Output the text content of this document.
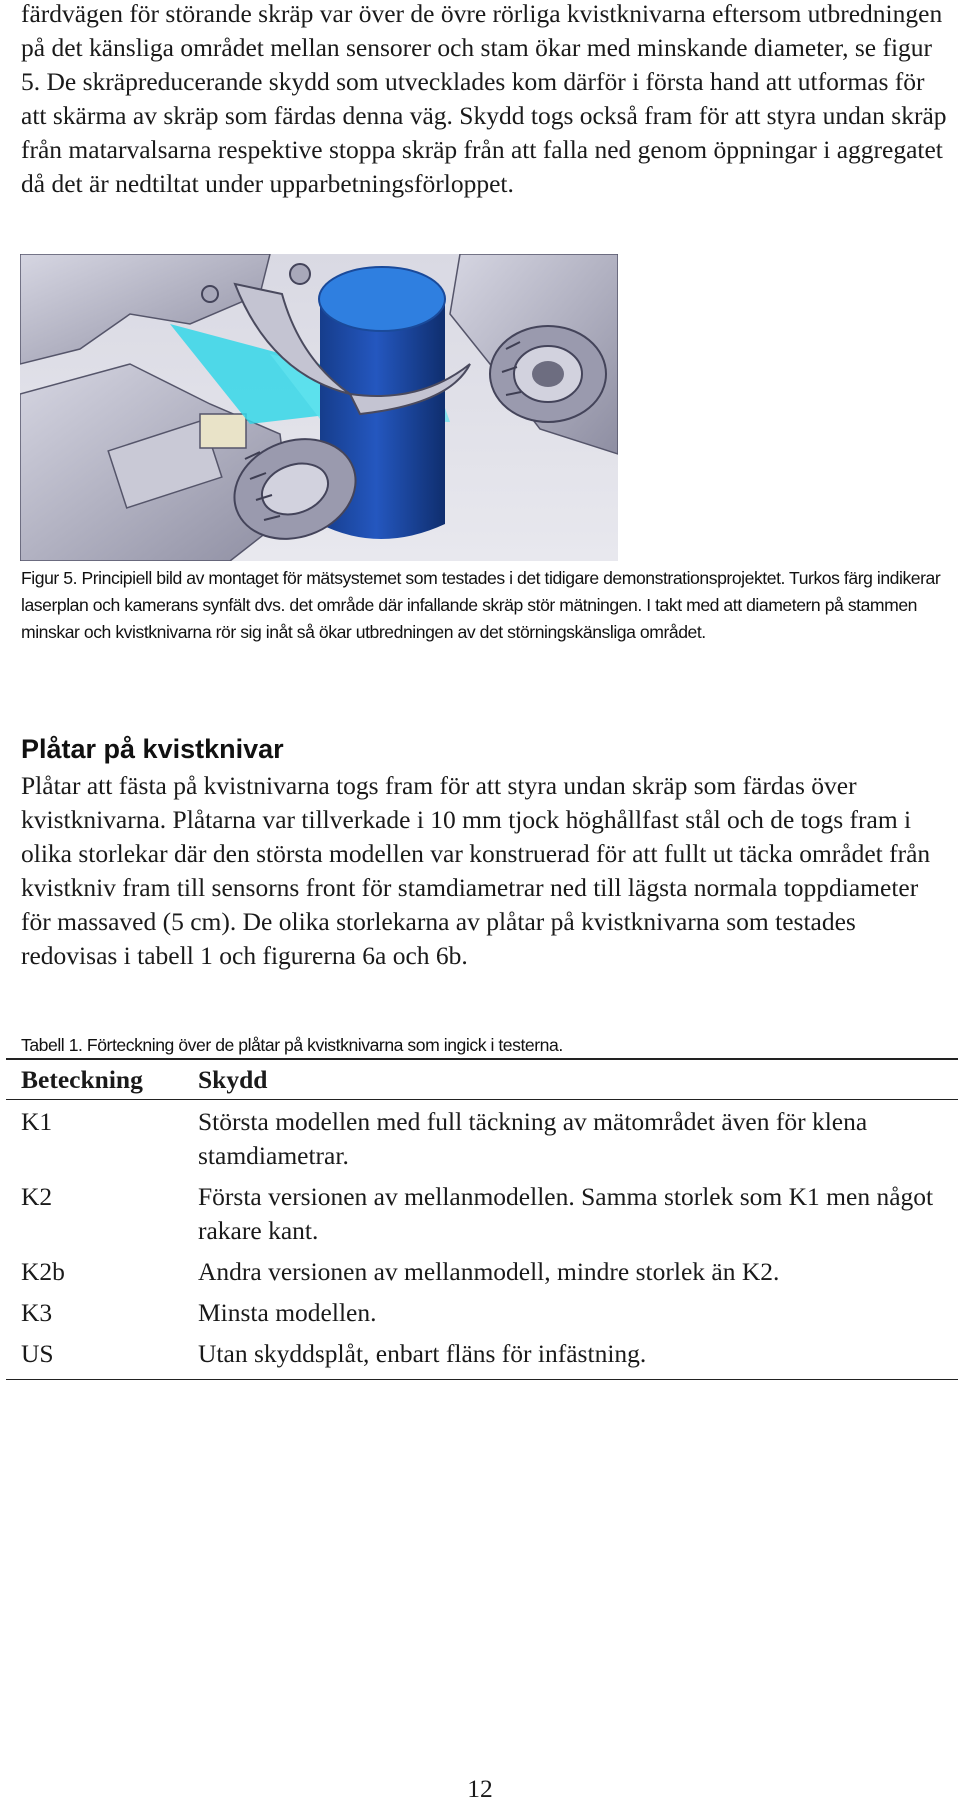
färdvägen för störande skräp var över de övre rörliga kvistknivarna eftersom utbredningen på det känsliga området mellan sensorer och stam ökar med minskande diameter, se figur 5. De skräpreducerande skydd som utvecklades kom därför i första hand att utformas för att skärma av skräp som färdas denna väg. Skydd togs också fram för att styra undan skräp från matarvalsarna respektive stoppa skräp från att falla ned genom öppningar i aggregatet då det är nedtiltat under upparbetningsförloppet.

Figur 5. Principiell bild av montaget för mätsystemet som testades i det tidigare demonstrationsprojektet. Turkos färg indikerar laserplan och kamerans synfält dvs. det område där infallande skräp stör mätningen. I takt med att diametern på stammen minskar och kvistknivarna rör sig inåt så ökar utbredningen av det störningskänsliga området.

Plåtar på kvistknivar

Plåtar att fästa på kvistnivarna togs fram för att styra undan skräp som färdas över kvistknivarna. Plåtarna var tillverkade i 10 mm tjock höghållfast stål och de togs fram i olika storlekar där den största modellen var konstruerad för att fullt ut täcka området från kvistkniv fram till sensorns front för stamdiametrar ned till lägsta normala toppdiameter för massaved (5 cm). De olika storlekarna av plåtar på kvistknivarna som testades redovisas i tabell 1 och figurerna 6a och 6b.

Tabell 1. Förteckning över de plåtar på kvistknivarna som ingick i testerna.

Beteckning	Skydd
K1	Största modellen med full täckning av mätområdet även för klena stamdiametrar.
K2	Första versionen av mellanmodellen. Samma storlek som K1 men något rakare kant.
K2b	Andra versionen av mellanmodell, mindre storlek än K2.
K3	Minsta modellen.
US	Utan skyddsplåt, enbart fläns för infästning.
12
